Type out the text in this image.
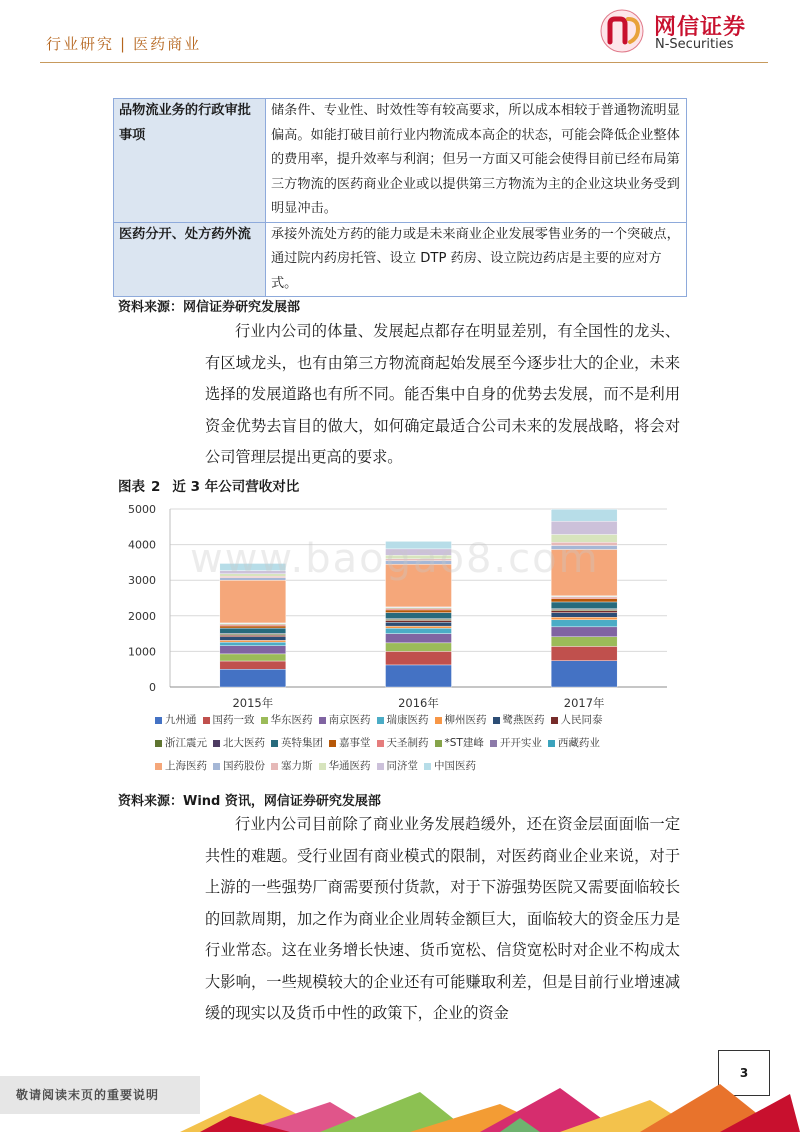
行业研究 | 医药商业
网信证券
N-Securities
品物流业务的行政审批事项	储条件、专业性、时效性等有较高要求，所以成本相较于普通物流明显偏高。如能打破目前行业内物流成本高企的状态，可能会降低企业整体的费用率，提升效率与利润；但另一方面又可能会使得目前已经布局第三方物流的医药商业企业或以提供第三方物流为主的企业这块业务受到明显冲击。
医药分开、处方药外流	承接外流处方药的能力或是未来商业企业发展零售业务的一个突破点，通过院内药房托管、设立 DTP 药房、设立院边药店是主要的应对方式。
资料来源：网信证券研究发展部
行业内公司的体量、发展起点都存在明显差别，有全国性的龙头、有区域龙头，也有由第三方物流商起始发展至今逐步壮大的企业，未来选择的发展道路也有所不同。能否集中自身的优势去发展，而不是利用资金优势去盲目的做大，如何确定最适合公司未来的发展战略，将会对公司管理层提出更高的要求。
图表 2 近 3 年公司营收对比
0
1000
2000
3000
4000
5000
2015年	2016年	2017年
www.baogao8.com
九州通 国药一致 华东医药 南京医药 瑞康医药 柳州医药 鹭燕医药 人民同泰
浙江震元 北大医药 英特集团 嘉事堂 天圣制药 *ST建峰 开开实业 西藏药业
上海医药 国药股份 塞力斯 华通医药 同济堂 中国医药
资料来源：Wind 资讯，网信证券研究发展部
行业内公司目前除了商业业务发展趋缓外，还在资金层面面临一定共性的难题。受行业固有商业模式的限制，对医药商业企业来说，对于上游的一些强势厂商需要预付货款，对于下游强势医院又需要面临较长的回款周期，加之作为商业企业周转金额巨大，面临较大的资金压力是行业常态。这在业务增长快速、货币宽松、信贷宽松时对企业不构成太大影响，一些规模较大的企业还有可能赚取利差，但是目前行业增速减缓的现实以及货币中性的政策下，企业的资金
3
敬请阅读末页的重要说明
